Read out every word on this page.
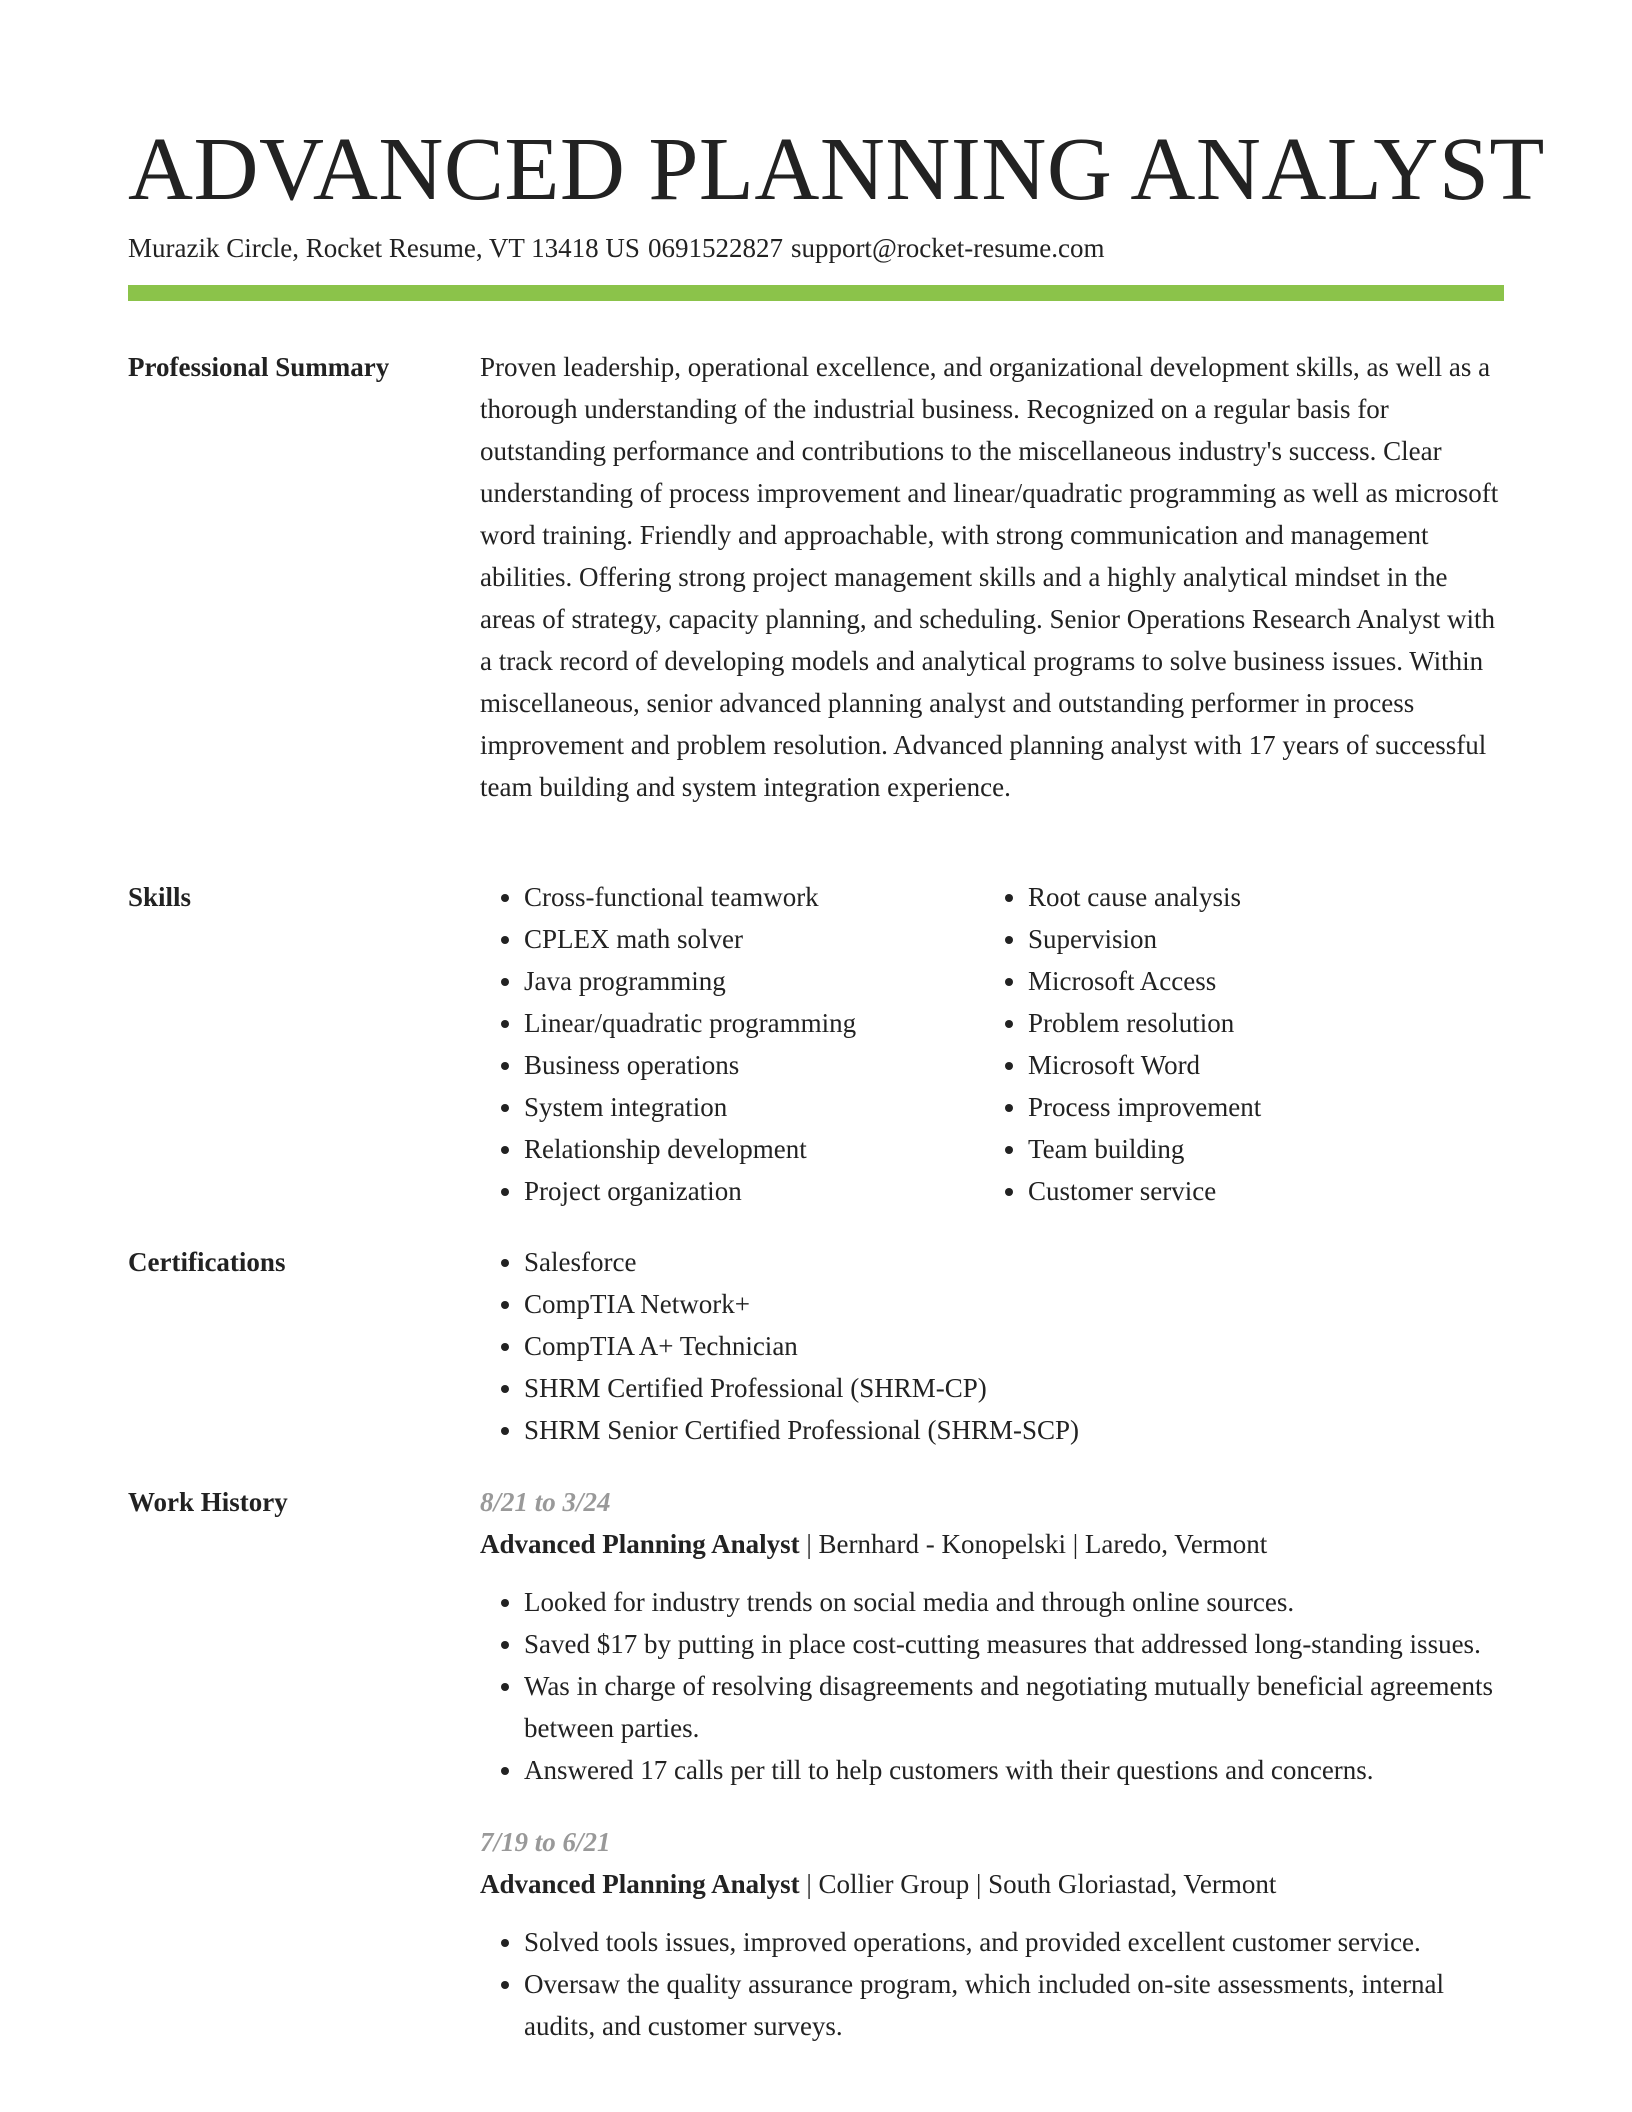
ADVANCED PLANNING ANALYST
Murazik Circle, Rocket Resume, VT 13418 US 0691522827 support@rocket-resume.com
Professional Summary	Proven leadership, operational excellence, and organizational development skills, as well as a thorough understanding of the industrial business. Recognized on a regular basis for outstanding performance and contributions to the miscellaneous industry's success. Clear understanding of process improvement and linear/quadratic programming as well as microsoft word training. Friendly and approachable, with strong communication and management abilities. Offering strong project management skills and a highly analytical mindset in the areas of strategy, capacity planning, and scheduling. Senior Operations Research Analyst with a track record of developing models and analytical programs to solve business issues. Within miscellaneous, senior advanced planning analyst and outstanding performer in process improvement and problem resolution. Advanced planning analyst with 17 years of successful team building and system integration experience.

Skills	• Cross-functional teamwork
• CPLEX math solver
• Java programming
• Linear/quadratic programming
• Business operations
• System integration
• Relationship development
• Project organization
• Root cause analysis
• Supervision
• Microsoft Access
• Problem resolution
• Microsoft Word
• Process improvement
• Team building
• Customer service
Certifications	• Salesforce
• CompTIA Network+
• CompTIA A+ Technician
• SHRM Certified Professional (SHRM-CP)
• SHRM Senior Certified Professional (SHRM-SCP)
Work History	8/21 to 3/24
Advanced Planning Analyst | Bernhard - Konopelski | Laredo, Vermont
• Looked for industry trends on social media and through online sources.
• Saved $17 by putting in place cost-cutting measures that addressed long-standing issues.
• Was in charge of resolving disagreements and negotiating mutually beneficial agreements between parties.
• Answered 17 calls per till to help customers with their questions and concerns.
7/19 to 6/21
Advanced Planning Analyst | Collier Group | South Gloriastad, Vermont
• Solved tools issues, improved operations, and provided excellent customer service.
• Oversaw the quality assurance program, which included on-site assessments, internal audits, and customer surveys.
